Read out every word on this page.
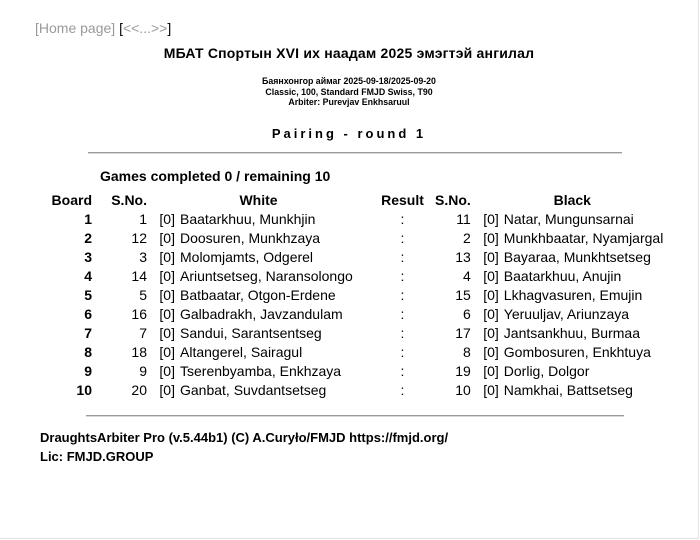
[Home page] [<<...>>]
МБАТ Спортын XVI их наадам 2025 эмэгтэй ангилал
Баянхонгор аймаг 2025-09-18/2025-09-20
Classic, 100, Standard FMJD Swiss, T90
Arbiter: Purevjav Enkhsaruul
Pairing - round 1
Games completed 0 / remaining 10
Board	S.No.	White		Result	S.No.	Black	
1	1	[0]	Baatarkhuu, Munkhjin	:	11	[0]	Natar, Mungunsarnai
2	12	[0]	Doosuren, Munkhzaya	:	2	[0]	Munkhbaatar, Nyamjargal
3	3	[0]	Molomjamts, Odgerel	:	13	[0]	Bayaraa, Munkhtsetseg
4	14	[0]	Ariuntsetseg, Naransolongo	:	4	[0]	Baatarkhuu, Anujin
5	5	[0]	Batbaatar, Otgon-Erdene	:	15	[0]	Lkhagvasuren, Emujin
6	16	[0]	Galbadrakh, Javzandulam	:	6	[0]	Yeruuljav, Ariunzaya
7	7	[0]	Sandui, Sarantsentseg	:	17	[0]	Jantsankhuu, Burmaa
8	18	[0]	Altangerel, Sairagul	:	8	[0]	Gombosuren, Enkhtuya
9	9	[0]	Tserenbyamba, Enkhzaya	:	19	[0]	Dorlig, Dolgor
10	20	[0]	Ganbat, Suvdantsetseg	:	10	[0]	Namkhai, Battsetseg
DraughtsArbiter Pro (v.5.44b1) (C) A.Curyło/FMJD https://fmjd.org/
Lic: FMJD.GROUP
